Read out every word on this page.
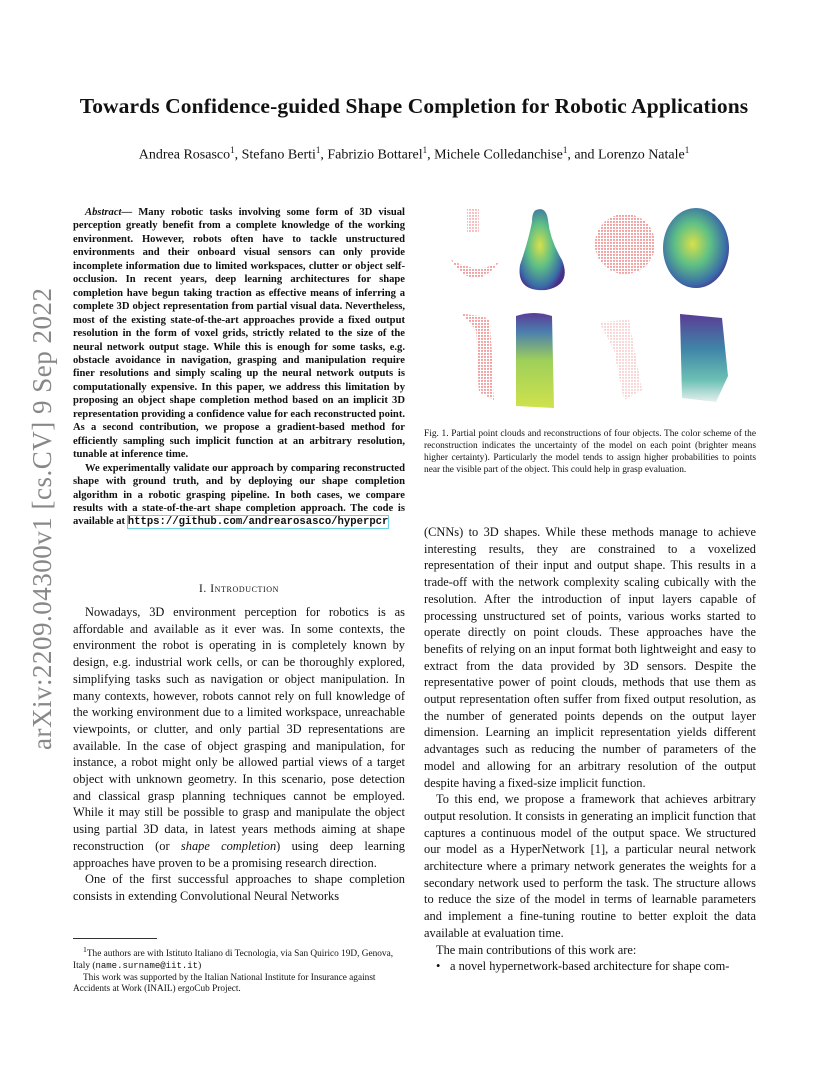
arXiv:2209.04300v1 [cs.CV] 9 Sep 2022
Towards Confidence-guided Shape Completion for Robotic Applications
Andrea Rosasco$^1$, Stefano Berti$^1$, Fabrizio Bottarel$^1$, Michele Colledanchise$^1$, and Lorenzo Natale$^1$

Abstract— Many robotic tasks involving some form of 3D visual perception greatly benefit from a complete knowledge of the working environment. However, robots often have to tackle unstructured environments and their onboard visual sensors can only provide incomplete information due to limited workspaces, clutter or object self-occlusion. In recent years, deep learning architectures for shape completion have begun taking traction as effective means of inferring a complete 3D object representation from partial visual data. Nevertheless, most of the existing state-of-the-art approaches provide a fixed output resolution in the form of voxel grids, strictly related to the size of the neural network output stage. While this is enough for some tasks, e.g. obstacle avoidance in navigation, grasping and manipulation require finer resolutions and simply scaling up the neural network outputs is computationally expensive. In this paper, we address this limitation by proposing an object shape completion method based on an implicit 3D representation providing a confidence value for each reconstructed point. As a second contribution, we propose a gradient-based method for efficiently sampling such implicit function at an arbitrary resolution, tunable at inference time.

We experimentally validate our approach by comparing reconstructed shape with ground truth, and by deploying our shape completion algorithm in a robotic grasping pipeline. In both cases, we compare results with a state-of-the-art shape completion approach. The code is available at https://github.com/andrearosasco/hyperpcr

I. Introduction

Nowadays, 3D environment perception for robotics is as affordable and available as it ever was. In some contexts, the environment the robot is operating in is completely known by design, e.g. industrial work cells, or can be thoroughly explored, simplifying tasks such as navigation or object manipulation. In many contexts, however, robots cannot rely on full knowledge of the working environment due to a limited workspace, unreachable viewpoints, or clutter, and only partial 3D representations are available. In the case of object grasping and manipulation, for instance, a robot might only be allowed partial views of a target object with unknown geometry. In this scenario, pose detection and classical grasp planning techniques cannot be employed. While it may still be possible to grasp and manipulate the object using partial 3D data, in latest years methods aiming at shape reconstruction (or shape completion) using deep learning approaches have proven to be a promising research direction.

One of the first successful approaches to shape completion consists in extending Convolutional Neural Networks

$^1$The authors are with Istituto Italiano di Tecnologia, via San Quirico 19D, Genova, Italy (name.surname@iit.it)
This work was supported by the Italian National Institute for Insurance against Accidents at Work (INAIL) ergoCub Project.
Fig. 1. Partial point clouds and reconstructions of four objects. The color scheme of the reconstruction indicates the uncertainty of the model on each point (brighter means higher certainty). Particularly the model tends to assign higher probabilities to points near the visible part of the object. This could help in grasp evaluation.

(CNNs) to 3D shapes. While these methods manage to achieve interesting results, they are constrained to a voxelized representation of their input and output shape. This results in a trade-off with the network complexity scaling cubically with the resolution. After the introduction of input layers capable of processing unstructured set of points, various works started to operate directly on point clouds. These approaches have the benefits of relying on an input format both lightweight and easy to extract from the data provided by 3D sensors. Despite the representative power of point clouds, methods that use them as output representation often suffer from fixed output resolution, as the number of generated points depends on the output layer dimension. Learning an implicit representation yields different advantages such as reducing the number of parameters of the model and allowing for an arbitrary resolution of the output despite having a fixed-size implicit function.

To this end, we propose a framework that achieves arbitrary output resolution. It consists in generating an implicit function that captures a continuous model of the output space. We structured our model as a HyperNetwork [1], a particular neural network architecture where a primary network generates the weights for a secondary network used to perform the task. The structure allows to reduce the size of the model in terms of learnable parameters and implement a fine-tuning routine to better exploit the data available at evaluation time.

The main contributions of this work are:

• a novel hypernetwork-based architecture for shape com-
